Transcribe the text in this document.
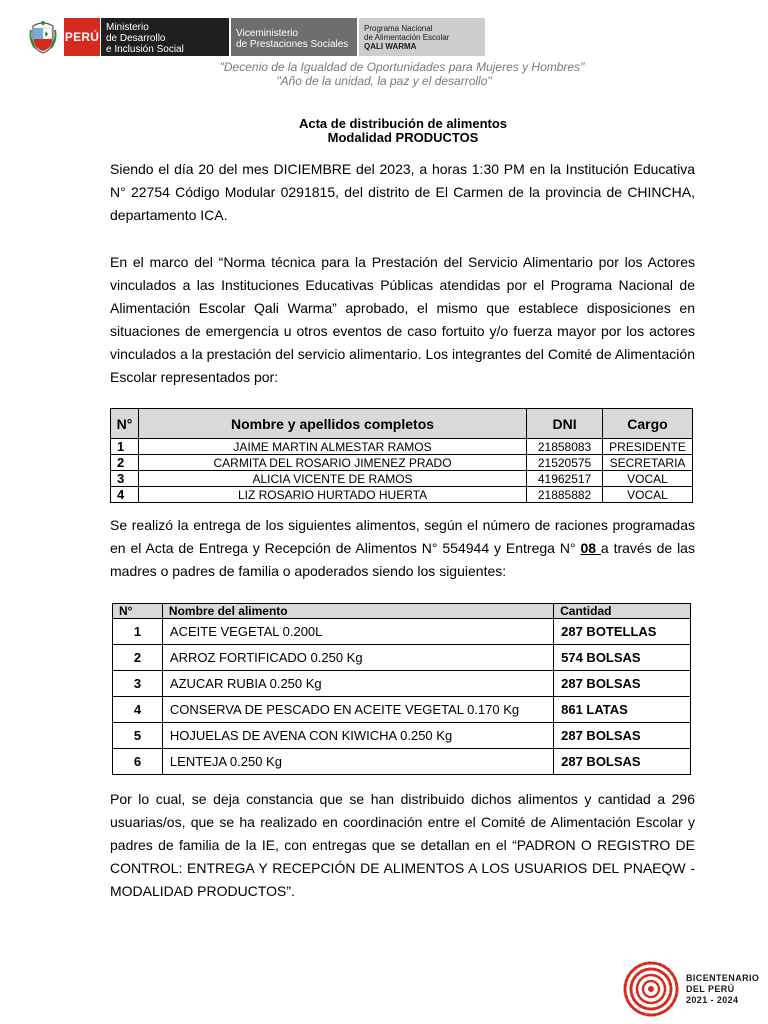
PERÚ
Ministerio
de Desarrollo
e Inclusión Social
Viceministerio
de Prestaciones Sociales
Programa Nacional
de Alimentación Escolar
QALI WARMA
"Decenio de la Igualdad de Oportunidades para Mujeres y Hombres"
"Año de la unidad, la paz y el desarrollo"
Acta de distribución de alimentos
Modalidad PRODUCTOS
Siendo el día 20 del mes DICIEMBRE del 2023, a horas 1:30 PM en la Institución Educativa N° 22754 Código Modular 0291815, del distrito de El Carmen de la provincia de CHINCHA, departamento ICA.
En el marco del “Norma técnica para la Prestación del Servicio Alimentario por los Actores vinculados a las Instituciones Educativas Públicas atendidas por el Programa Nacional de Alimentación Escolar Qali Warma” aprobado, el mismo que establece disposiciones en situaciones de emergencia u otros eventos de caso fortuito y/o fuerza mayor por los actores vinculados a la prestación del servicio alimentario. Los integrantes del Comité de Alimentación Escolar representados por:
N°	Nombre y apellidos completos	DNI	Cargo
1	JAIME MARTIN ALMESTAR RAMOS	21858083	PRESIDENTE
2	CARMITA DEL ROSARIO JIMENEZ PRADO	21520575	SECRETARIA
3	ALICIA VICENTE DE RAMOS	41962517	VOCAL
4	LIZ ROSARIO HURTADO HUERTA	21885882	VOCAL
Se realizó la entrega de los siguientes alimentos, según el número de raciones programadas en el Acta de Entrega y Recepción de Alimentos N° 554944 y Entrega N° 08 a través de las madres o padres de familia o apoderados siendo los siguientes:
N°	Nombre del alimento	Cantidad
1	ACEITE VEGETAL 0.200L	287 BOTELLAS
2	ARROZ FORTIFICADO 0.250 Kg	574 BOLSAS
3	AZUCAR RUBIA 0.250 Kg	287 BOLSAS
4	CONSERVA DE PESCADO EN ACEITE VEGETAL 0.170 Kg	861 LATAS
5	HOJUELAS DE AVENA CON KIWICHA 0.250 Kg	287 BOLSAS
6	LENTEJA 0.250 Kg	287 BOLSAS
Por lo cual, se deja constancia que se han distribuido dichos alimentos y cantidad a 296 usuarias/os, que se ha realizado en coordinación entre el Comité de Alimentación Escolar y padres de familia de la IE, con entregas que se detallan en el “PADRON O REGISTRO DE CONTROL: ENTREGA Y RECEPCIÓN DE ALIMENTOS A LOS USUARIOS DEL PNAEQW - MODALIDAD PRODUCTOS”.
BICENTENARIO
DEL PERÚ
2021 - 2024
